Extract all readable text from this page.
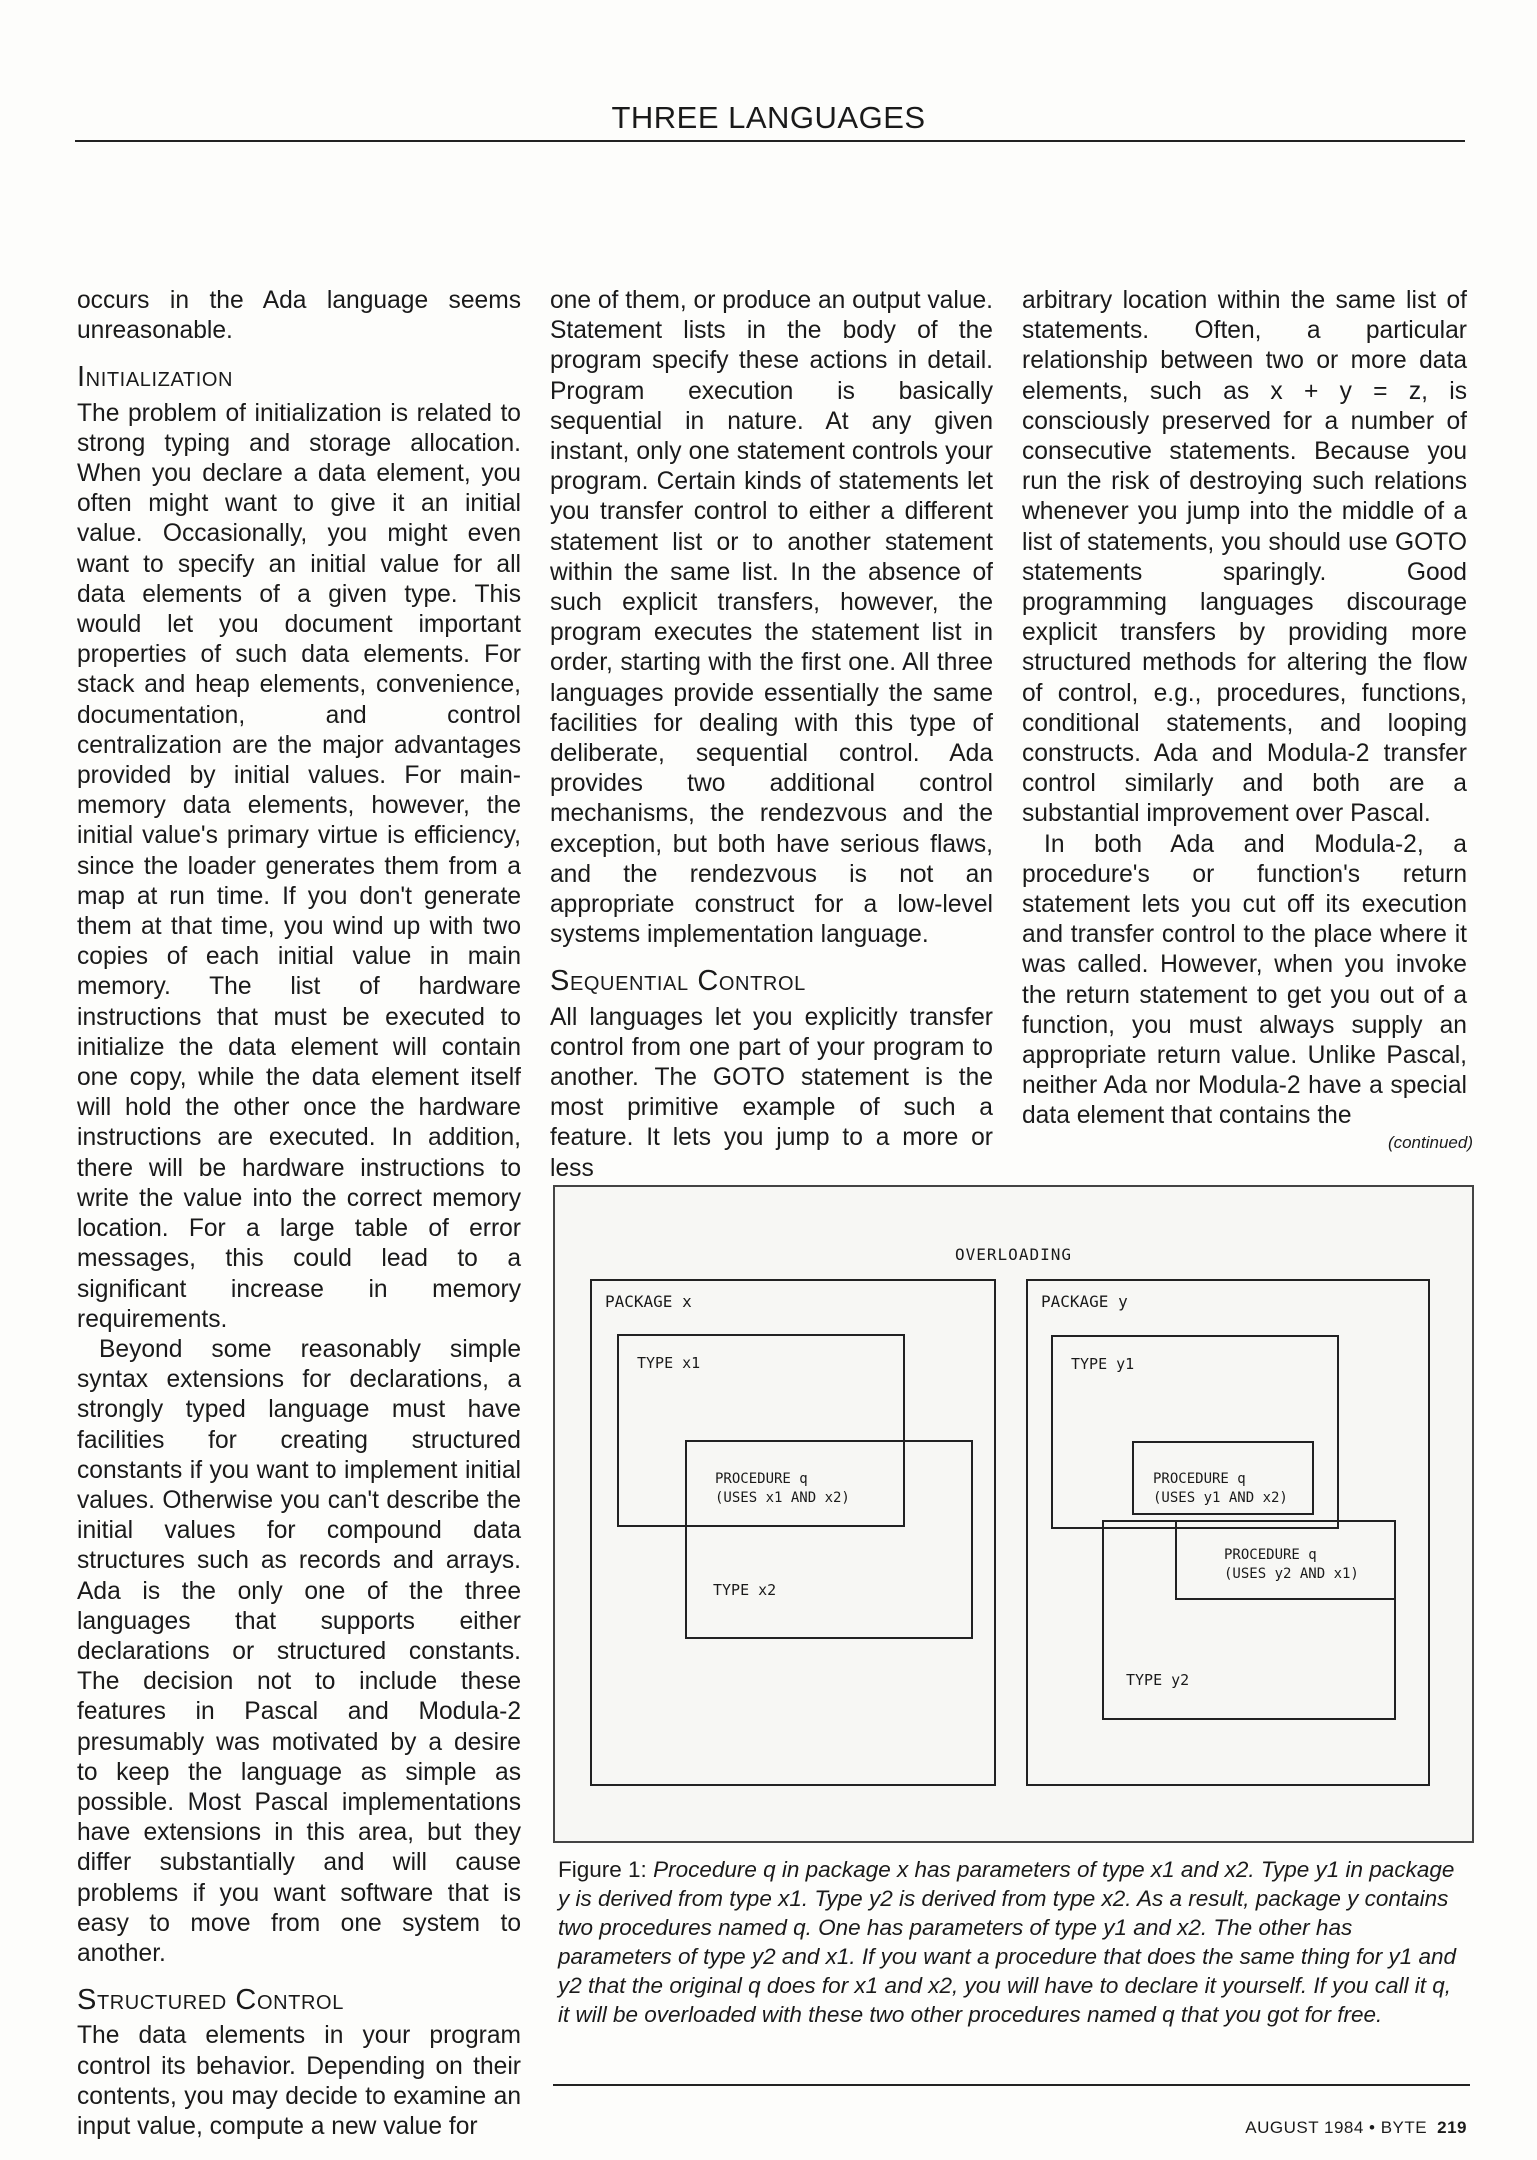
THREE LANGUAGES

occurs in the Ada language seems unreasonable.

Initialization

The problem of initialization is related to strong typing and storage allocation. When you declare a data element, you often might want to give it an initial value. Occasionally, you might even want to specify an initial value for all data elements of a given type. This would let you document important properties of such data elements. For stack and heap elements, convenience, documentation, and control centralization are the major advantages provided by initial values. For main-memory data elements, however, the initial value's primary virtue is efficiency, since the loader generates them from a map at run time. If you don't generate them at that time, you wind up with two copies of each initial value in main memory. The list of hardware instructions that must be executed to initialize the data element will contain one copy, while the data element itself will hold the other once the hardware instructions are executed. In addition, there will be hardware instructions to write the value into the correct memory location. For a large table of error messages, this could lead to a significant increase in memory requirements.

Beyond some reasonably simple syntax extensions for declarations, a strongly typed language must have facilities for creating structured constants if you want to implement initial values. Otherwise you can't describe the initial values for compound data structures such as records and arrays. Ada is the only one of the three languages that supports either declarations or structured constants. The decision not to include these features in Pascal and Modula-2 presumably was motivated by a desire to keep the language as simple as possible. Most Pascal implementations have extensions in this area, but they differ substantially and will cause problems if you want software that is easy to move from one system to another.

Structured Control

The data elements in your program control its behavior. Depending on their contents, you may decide to examine an input value, compute a new value for

one of them, or produce an output value. Statement lists in the body of the program specify these actions in detail. Program execution is basically sequential in nature. At any given instant, only one statement controls your program. Certain kinds of statements let you transfer control to either a different statement list or to another statement within the same list. In the absence of such explicit transfers, however, the program executes the statement list in order, starting with the first one. All three languages provide essentially the same facilities for dealing with this type of deliberate, sequential control. Ada provides two additional control mechanisms, the rendezvous and the exception, but both have serious flaws, and the rendezvous is not an appropriate construct for a low-level systems implementation language.

Sequential Control

All languages let you explicitly transfer control from one part of your program to another. The GOTO statement is the most primitive example of such a feature. It lets you jump to a more or less

arbitrary location within the same list of statements. Often, a particular relationship between two or more data elements, such as x + y = z, is consciously preserved for a number of consecutive statements. Because you run the risk of destroying such relations whenever you jump into the middle of a list of statements, you should use GOTO statements sparingly. Good programming languages discourage explicit transfers by providing more structured methods for altering the flow of control, e.g., procedures, functions, conditional statements, and looping constructs. Ada and Modula-2 transfer control similarly and both are a substantial improvement over Pascal.

In both Ada and Modula-2, a procedure's or function's return statement lets you cut off its execution and transfer control to the place where it was called. However, when you invoke the return statement to get you out of a function, you must always supply an appropriate return value. Unlike Pascal, neither Ada nor Modula-2 have a special data element that contains the

(continued)
OVERLOADING
PACKAGE x
TYPE x1
PROCEDURE q
(USES x1 AND x2)
TYPE x2
PACKAGE y
TYPE y1
PROCEDURE q
(USES y1 AND x2)
PROCEDURE q
(USES y2 AND x1)
TYPE y2
Figure 1: Procedure q in package x has parameters of type x1 and x2. Type y1 in package y is derived from type x1. Type y2 is derived from type x2. As a result, package y contains two procedures named q. One has parameters of type y1 and x2. The other has parameters of type y2 and x1. If you want a procedure that does the same thing for y1 and y2 that the original q does for x1 and x2, you will have to declare it yourself. If you call it q, it will be overloaded with these two other procedures named q that you got for free.
AUGUST 1984 • BYTE 219
